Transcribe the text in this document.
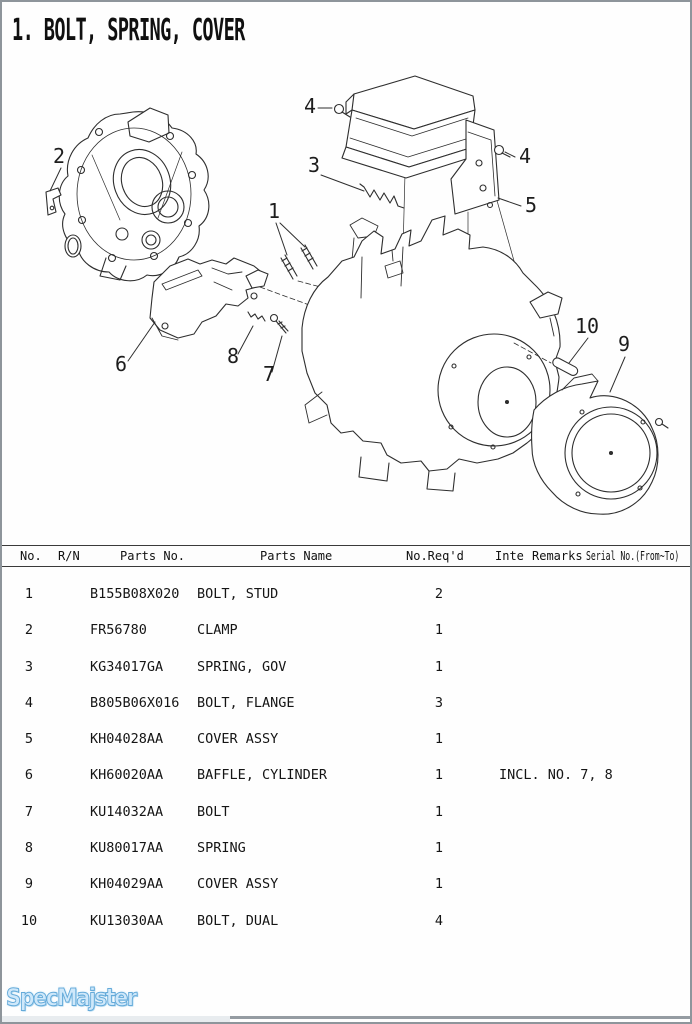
1. BOLT, SPRING, COVER
2
4
4
5
3
1
6	8
7
10
9
No. R/N	Parts No.	Parts Name	No.Req'd	Inte Remarks Serial No.(From~To)
1	B155B08X020 BOLT, STUD	2
2	FR56780	CLAMP	1
3	KG34017GA	SPRING, GOV	1
4	B805B06X016 BOLT, FLANGE	3
5	KH04028AA	COVER ASSY	1
6	KH60020AA	BAFFLE, CYLINDER	1	INCL. NO. 7, 8
7	KU14032AA	BOLT	1
8	KU80017AA	SPRING	1
9	KH04029AA	COVER ASSY	1
10	KU13030AA	BOLT, DUAL	4
SpecMajster
